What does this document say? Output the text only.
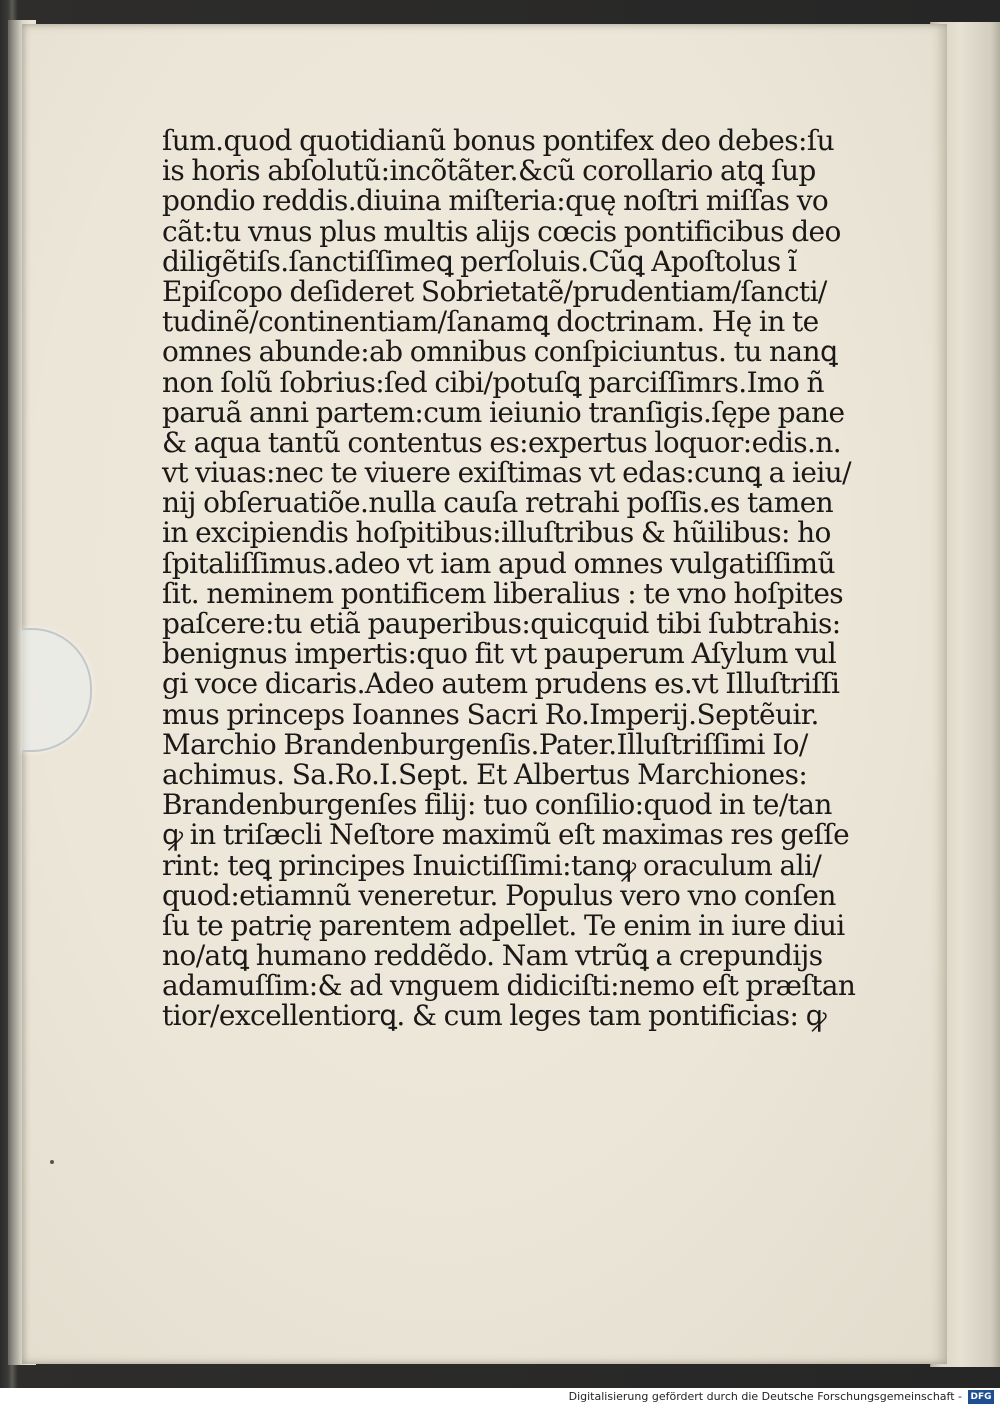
ſum.quod quotidianũ bonus pontifex deo debes:ſu
is horis abſolutũ:incõtãter.&cũ corollario atꝗ ſup
pondio reddis.diuina miſteria:quę noſtri miſſas vo
cãt:tu vnus plus multis aliјs cœcis pontificibus deo
diligẽtiſs.ſanctiſſimeꝗ perſoluis.Cũꝗ Apoſtolus ĩ
Epiſcopo deſideret Sobrietatẽ/prudentiam/ſancti/
tudinẽ/continentiam/ſanamꝗ doctrinam. Hę in te
omnes abunde:ab omnibus conſpiciuntus. tu nanꝗ
non ſolũ ſobrius:ſed cibi/potuſꝗ parciſſimrs.Imo ñ
paruã anni partem:cum ieiunio tranſigis.ſępe pane
& aqua tantũ contentus es:expertus loquor:edis.n.
vt viuas:nec te viuere exiſtimas vt edas:cunꝗ a ieiu/
niј obſeruatiõe.nulla cauſa retrahi poſſis.es tamen
in excipiendis hoſpitibus:illuſtribus & hũilibus: ho
ſpitaliſſimus.adeo vt iam apud omnes vulgatiſſimũ
ſit. neminem pontificem liberalius : te vno hoſpites
paſcere:tu etiã pauperibus:quicquid tibi ſubtrahis:
benignus impertis:quo fit vt pauperum Aſylum vul
gi voce dicaris.Adeo autem prudens es.vt Illuſtriſſi
mus princeps Ioannes Sacri Ro.Imperiј.Septẽuir.
Marchio Brandenburgenſis.Pater.Illuſtriſſimi Io/
achimus. Sa.Ro.I.Sept. Et Albertus Marchiones:
Brandenburgenſes filiј: tuo conſilio:quod in te/tan
ꝙ in triſæcli Neſtore maximũ eſt maximas res geſſe
rint: teꝗ principes Inuictiſſimi:tanꝙ oraculum ali/
quod:etiamnũ veneretur. Populus vero vno conſen
ſu te patrię parentem adpellet. Te enim in iure diui
no/atꝗ humano reddẽdo. Nam vtrũꝗ a crepundiјs
adamuſſim:& ad vnguem didiciſti:nemo eſt præſtan
tior/excellentiorꝗ. & cum leges tam pontificias: ꝙ
Digitalisierung gefördert durch die Deutsche Forschungsgemeinschaft - DFG
